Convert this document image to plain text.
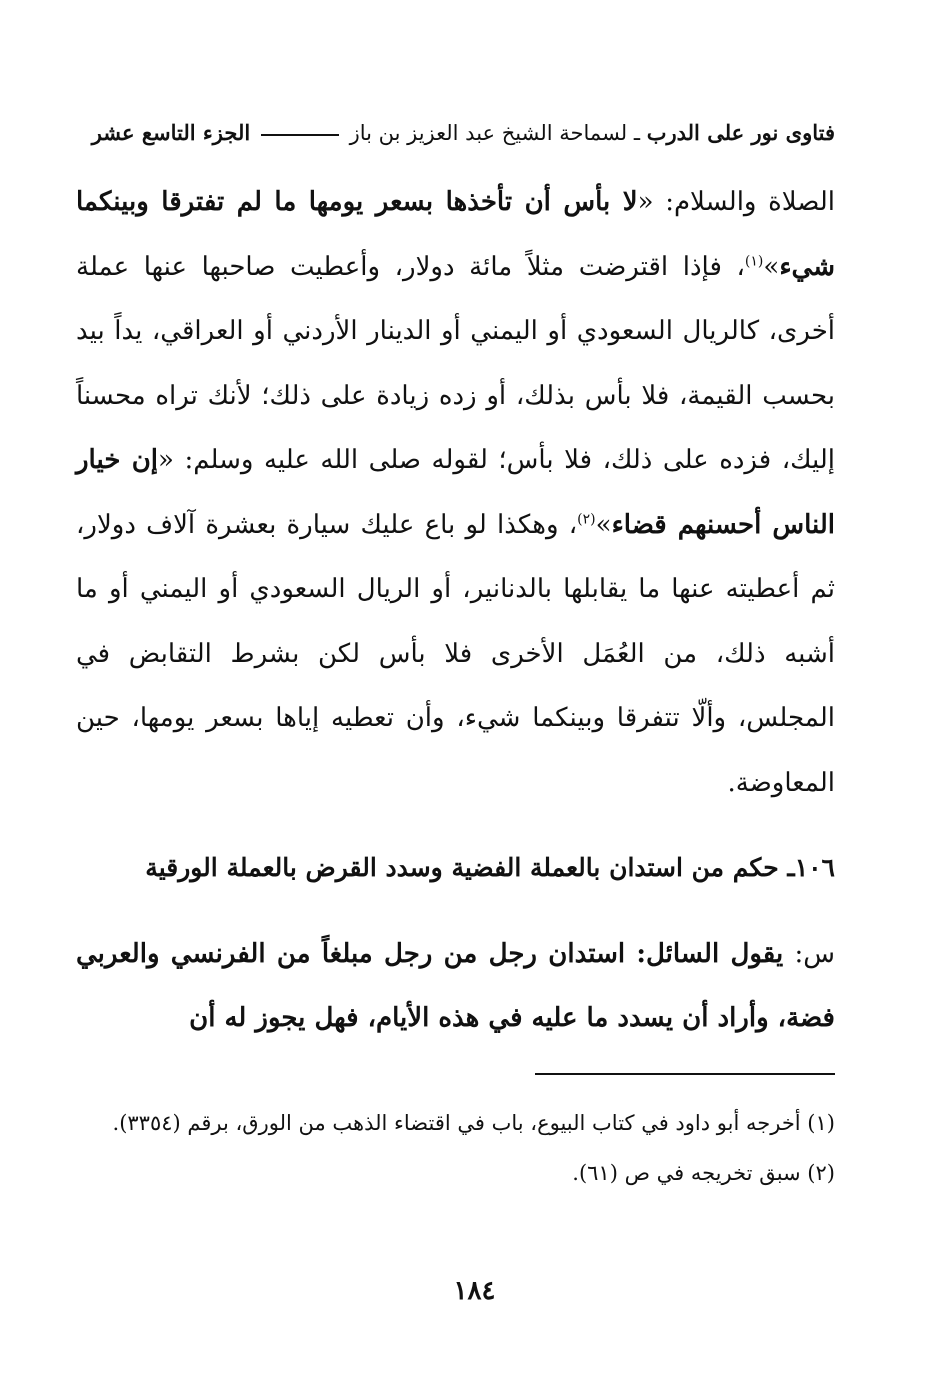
فتاوى نور على الدرب ـ لسماحة الشيخ عبد العزيز بن باز  الجزء التاسع عشر

الصلاة والسلام: «لا بأس أن تأخذها بسعر يومها ما لم تفترقا وبينكما شيء»$^{(١)}$، فإذا اقترضت مثلاً مائة دولار، وأعطيت صاحبها عنها عملة أخرى، كالريال السعودي أو اليمني أو الدينار الأردني أو العراقي، يداً بيد بحسب القيمة، فلا بأس بذلك، أو زده زيادة على ذلك؛ لأنك تراه محسناً إليك، فزده على ذلك، فلا بأس؛ لقوله صلى الله عليه وسلم: «إن خيار الناس أحسنهم قضاء»$^{(٢)}$، وهكذا لو باع عليك سيارة بعشرة آلاف دولار، ثم أعطيته عنها ما يقابلها بالدنانير، أو الريال السعودي أو اليمني أو ما أشبه ذلك، من العُمَل الأخرى فلا بأس لكن بشرط التقابض في المجلس، وألّا تتفرقا وبينكما شيء، وأن تعطيه إياها بسعر يومها، حين المعاوضة.

١٠٦ـ حكم من استدان بالعملة الفضية وسدد القرض بالعملة الورقية
س: يقول السائل: استدان رجل من رجل مبلغاً من الفرنسي والعربي فضة، وأراد أن يسدد ما عليه في هذه الأيام، فهل يجوز له أن

(١) أخرجه أبو داود في كتاب البيوع، باب في اقتضاء الذهب من الورق، برقم (٣٣٥٤).

(٢) سبق تخريجه في ص (٦١).

١٨٤
